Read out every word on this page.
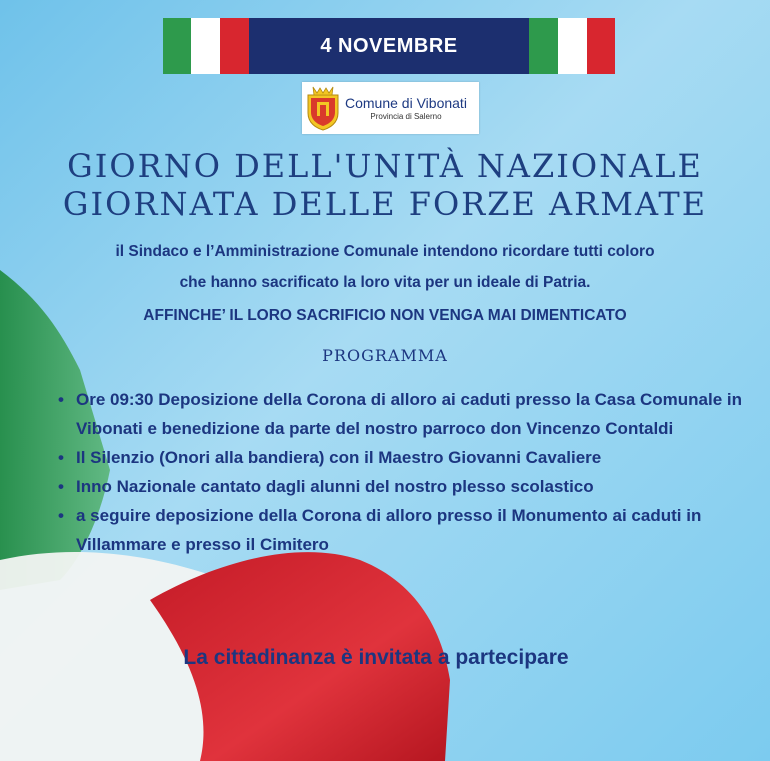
4 NOVEMBRE
Comune di Vibonati
Provincia di Salerno
GIORNO DELL'UNITÀ NAZIONALE
GIORNATA DELLE FORZE ARMATE
il Sindaco e l’Amministrazione Comunale intendono ricordare tutti coloro
che hanno sacrificato la loro vita per un ideale di Patria.
AFFINCHE’ IL LORO SACRIFICIO NON VENGA MAI DIMENTICATO
PROGRAMMA
• Ore 09:30 Deposizione della Corona di alloro ai caduti presso la Casa Comunale in Vibonati e benedizione da parte del nostro parroco don Vincenzo Contaldi
• Il Silenzio (Onori alla bandiera) con il Maestro Giovanni Cavaliere
• Inno Nazionale cantato dagli alunni del nostro plesso scolastico
• a seguire deposizione della Corona di alloro presso il Monumento ai caduti in Villammare e presso il Cimitero
La cittadinanza è invitata a partecipare
